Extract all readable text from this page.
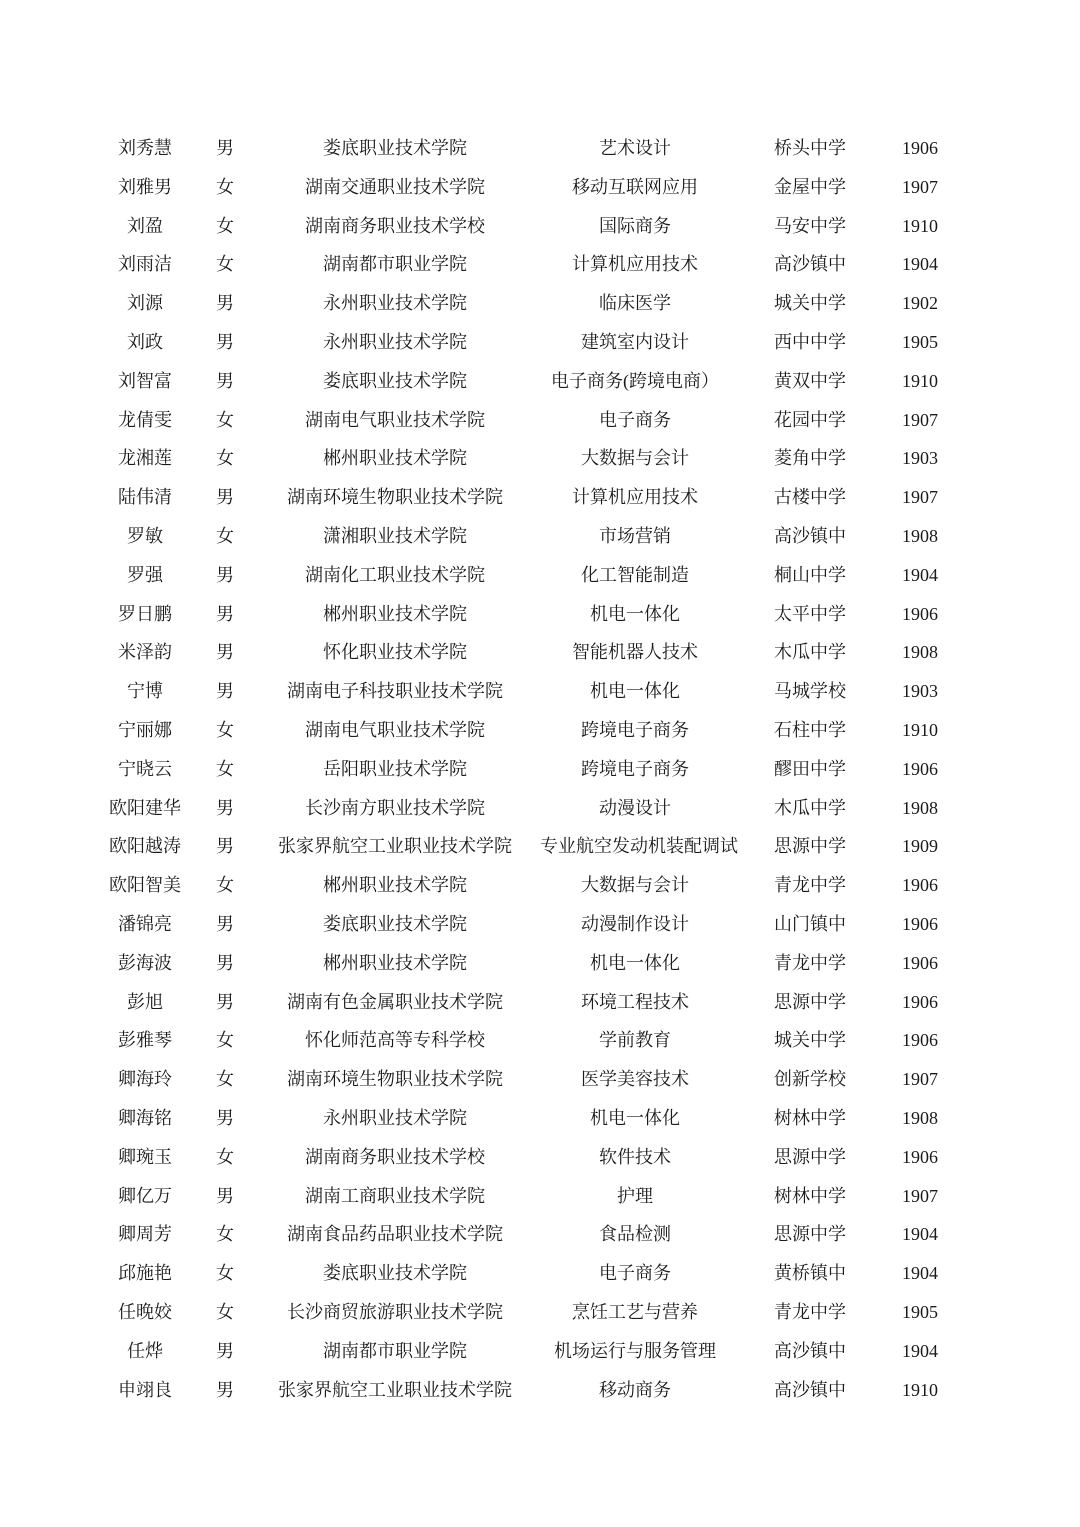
刘秀慧	男	娄底职业技术学院	艺术设计	桥头中学	1906
刘雅男	女	湖南交通职业技术学院	移动互联网应用	金屋中学	1907
刘盈	女	湖南商务职业技术学校	国际商务	马安中学	1910
刘雨洁	女	湖南都市职业学院	计算机应用技术	高沙镇中	1904
刘源	男	永州职业技术学院	临床医学	城关中学	1902
刘政	男	永州职业技术学院	建筑室内设计	西中中学	1905
刘智富	男	娄底职业技术学院	电子商务(跨境电商）	黄双中学	1910
龙倩雯	女	湖南电气职业技术学院	电子商务	花园中学	1907
龙湘莲	女	郴州职业技术学院	大数据与会计	菱角中学	1903
陆伟清	男	湖南环境生物职业技术学院	计算机应用技术	古楼中学	1907
罗敏	女	潇湘职业技术学院	市场营销	高沙镇中	1908
罗强	男	湖南化工职业技术学院	化工智能制造	桐山中学	1904
罗日鹏	男	郴州职业技术学院	机电一体化	太平中学	1906
米泽韵	男	怀化职业技术学院	智能机器人技术	木瓜中学	1908
宁博	男	湖南电子科技职业技术学院	机电一体化	马城学校	1903
宁丽娜	女	湖南电气职业技术学院	跨境电子商务	石柱中学	1910
宁晓云	女	岳阳职业技术学院	跨境电子商务	醪田中学	1906
欧阳建华	男	长沙南方职业技术学院	动漫设计	木瓜中学	1908
欧阳越涛	男	张家界航空工业职业技术学院	专业航空发动机装配调试	思源中学	1909
欧阳智美	女	郴州职业技术学院	大数据与会计	青龙中学	1906
潘锦亮	男	娄底职业技术学院	动漫制作设计	山门镇中	1906
彭海波	男	郴州职业技术学院	机电一体化	青龙中学	1906
彭旭	男	湖南有色金属职业技术学院	环境工程技术	思源中学	1906
彭雅琴	女	怀化师范高等专科学校	学前教育	城关中学	1906
卿海玲	女	湖南环境生物职业技术学院	医学美容技术	创新学校	1907
卿海铭	男	永州职业技术学院	机电一体化	树林中学	1908
卿琬玉	女	湖南商务职业技术学校	软件技术	思源中学	1906
卿亿万	男	湖南工商职业技术学院	护理	树林中学	1907
卿周芳	女	湖南食品药品职业技术学院	食品检测	思源中学	1904
邱施艳	女	娄底职业技术学院	电子商务	黄桥镇中	1904
任晚姣	女	长沙商贸旅游职业技术学院	烹饪工艺与营养	青龙中学	1905
任烨	男	湖南都市职业学院	机场运行与服务管理	高沙镇中	1904
申翊良	男	张家界航空工业职业技术学院	移动商务	高沙镇中	1910
